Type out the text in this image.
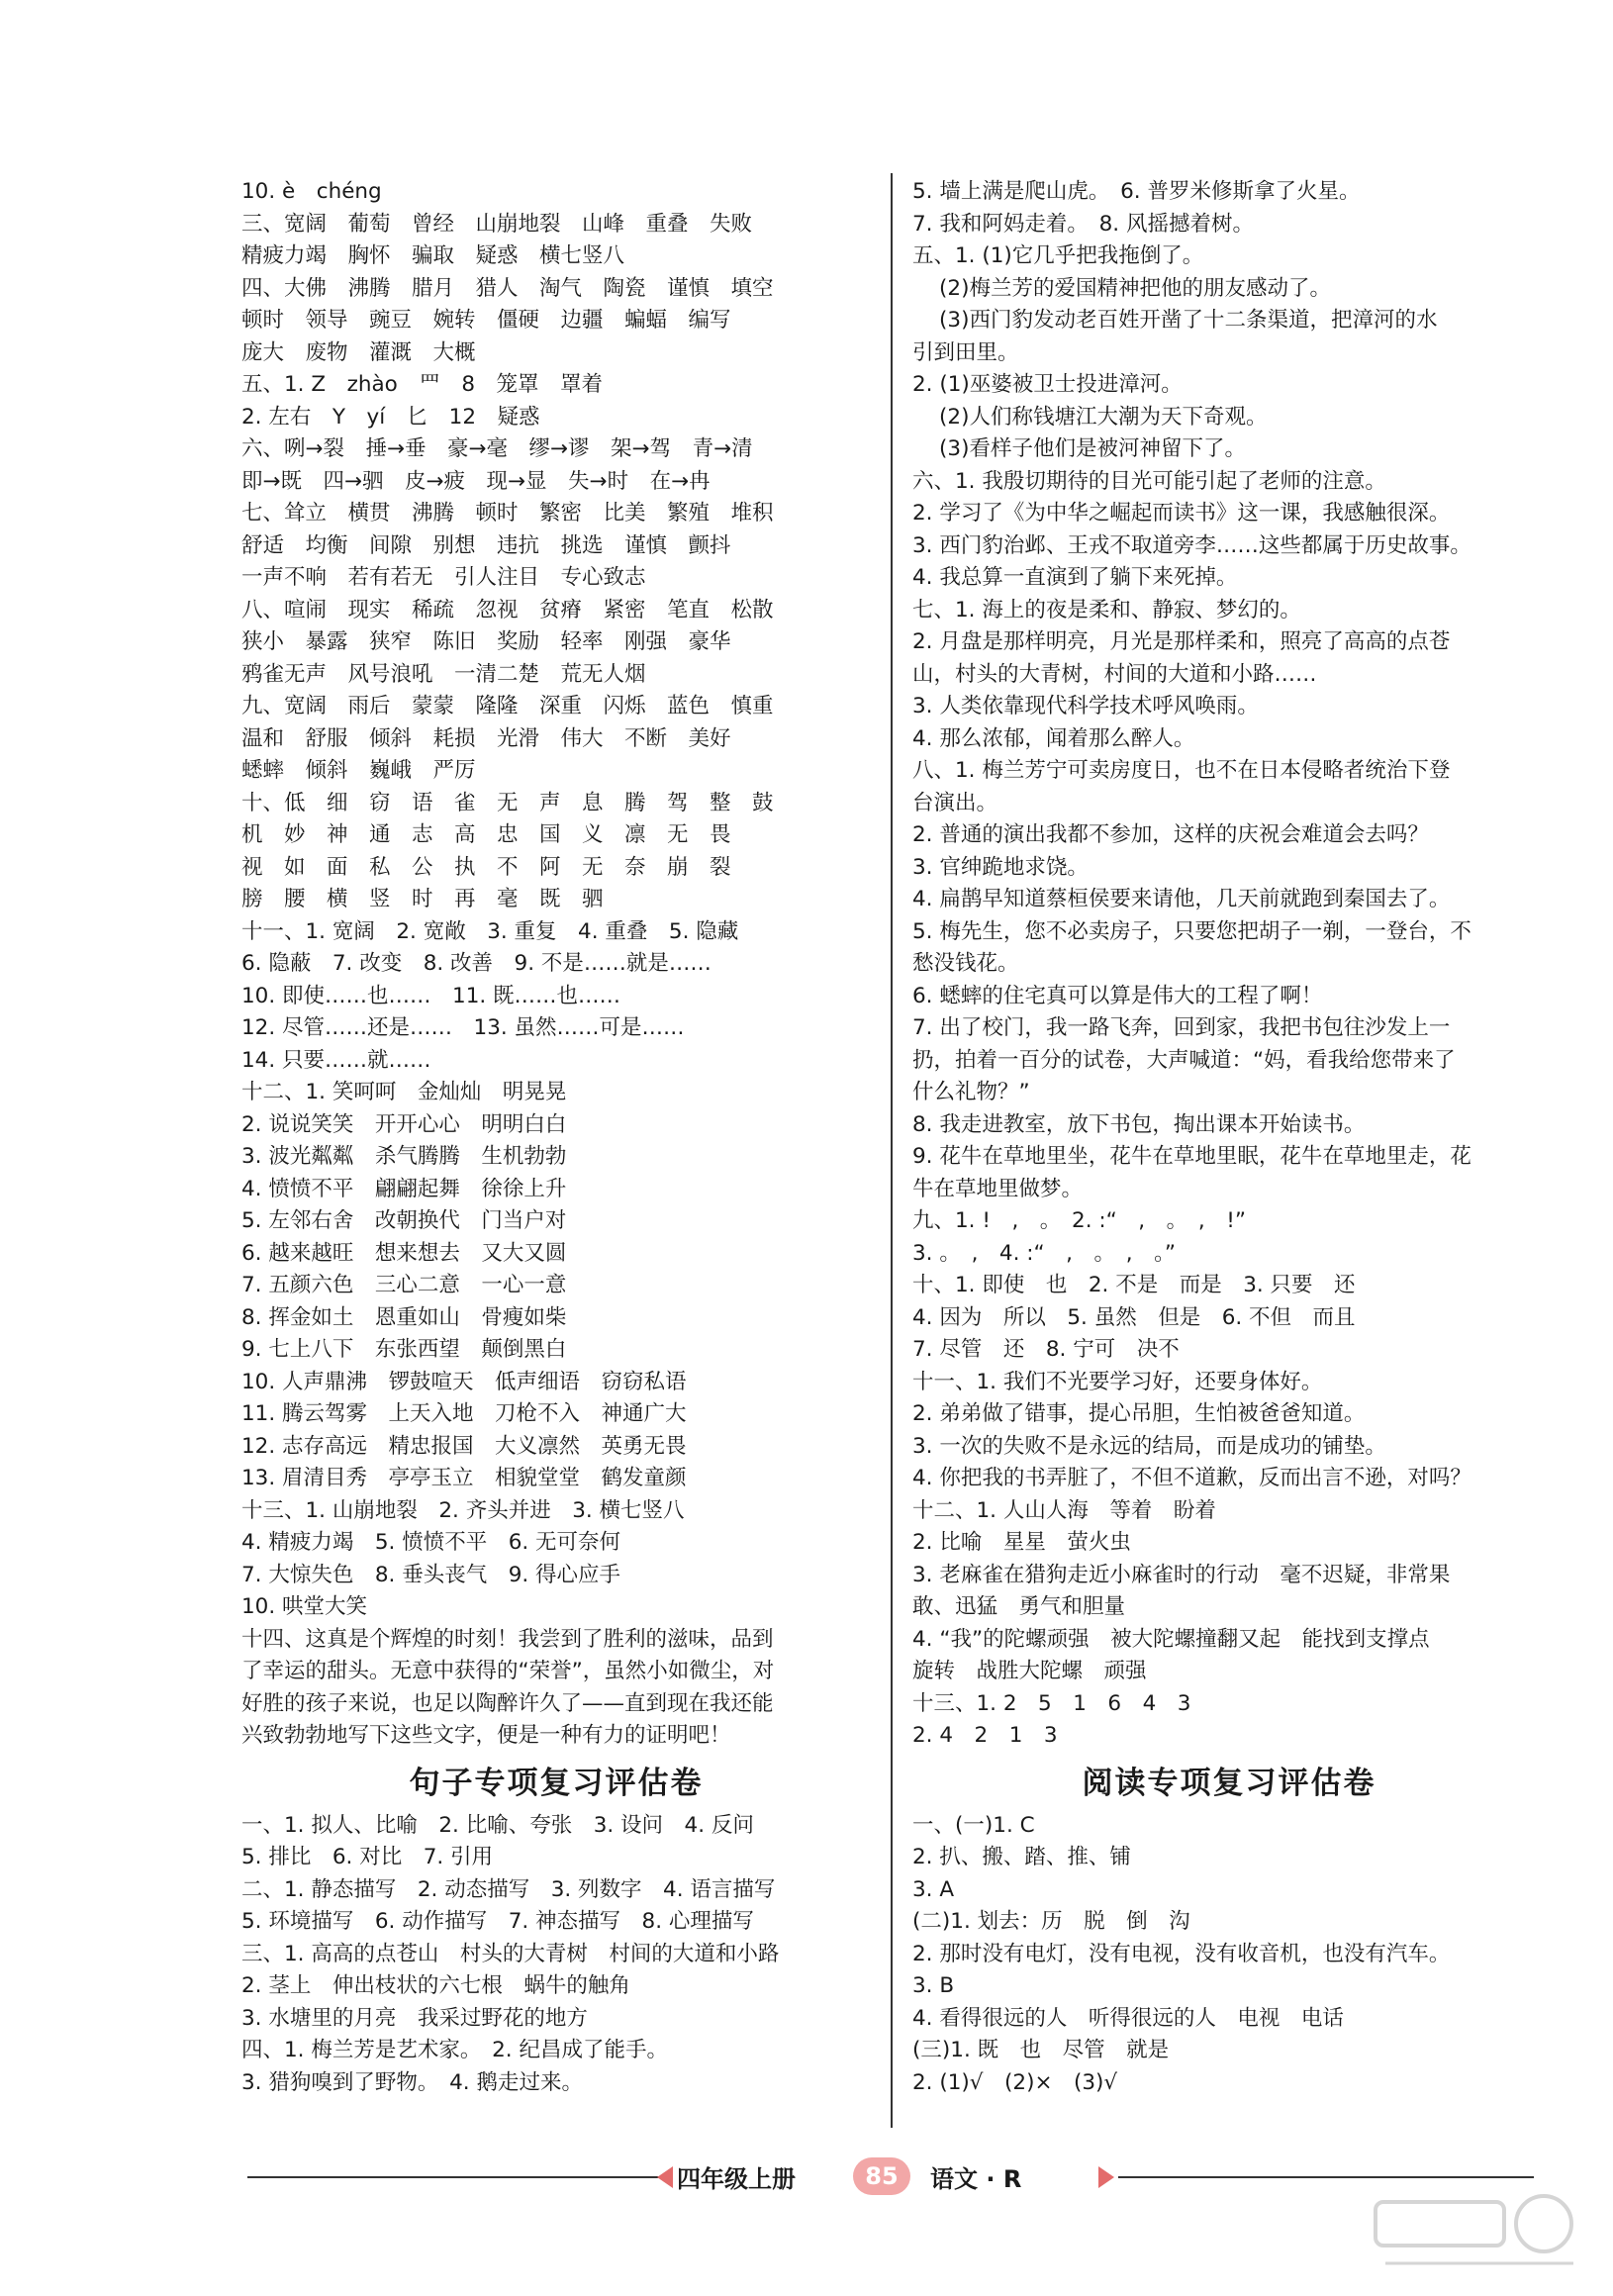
10. è　chéng
三、宽阔　葡萄　曾经　山崩地裂　山峰　重叠　失败
精疲力竭　胸怀　骗取　疑惑　横七竖八
四、大佛　沸腾　腊月　猎人　淘气　陶瓷　谨慎　填空
顿时　领导　豌豆　婉转　僵硬　边疆　蝙蝠　编写
庞大　废物　灌溉　大概
五、1. Z　zhào　罒　8　笼罩　罩着
2. 左右　Y　yí　匕　12　疑惑
六、咧→裂　捶→垂　豪→毫　缪→谬　架→驾　青→清
即→既　四→驷　皮→疲　现→显　失→时　在→冉
七、耸立　横贯　沸腾　顿时　繁密　比美　繁殖　堆积
舒适　均衡　间隙　别想　违抗　挑选　谨慎　颤抖
一声不响　若有若无　引人注目　专心致志
八、喧闹　现实　稀疏　忽视　贫瘠　紧密　笔直　松散
狭小　暴露　狭窄　陈旧　奖励　轻率　刚强　豪华
鸦雀无声　风号浪吼　一清二楚　荒无人烟
九、宽阔　雨后　蒙蒙　隆隆　深重　闪烁　蓝色　慎重
温和　舒服　倾斜　耗损　光滑　伟大　不断　美好
蟋蟀　倾斜　巍峨　严厉
十、低　细　窃　语　雀　无　声　息　腾　驾　整　鼓
机　妙　神　通　志　高　忠　国　义　凛　无　畏
视　如　面　私　公　执　不　阿　无　奈　崩　裂
膀　腰　横　竖　时　再　毫　既　驷
十一、1. 宽阔　2. 宽敞　3. 重复　4. 重叠　5. 隐藏
6. 隐蔽　7. 改变　8. 改善　9. 不是……就是……
10. 即使……也……　11. 既……也……
12. 尽管……还是……　13. 虽然……可是……
14. 只要……就……
十二、1. 笑呵呵　金灿灿　明晃晃
2. 说说笑笑　开开心心　明明白白
3. 波光粼粼　杀气腾腾　生机勃勃
4. 愤愤不平　翩翩起舞　徐徐上升
5. 左邻右舍　改朝换代　门当户对
6. 越来越旺　想来想去　又大又圆
7. 五颜六色　三心二意　一心一意
8. 挥金如土　恩重如山　骨瘦如柴
9. 七上八下　东张西望　颠倒黑白
10. 人声鼎沸　锣鼓喧天　低声细语　窃窃私语
11. 腾云驾雾　上天入地　刀枪不入　神通广大
12. 志存高远　精忠报国　大义凛然　英勇无畏
13. 眉清目秀　亭亭玉立　相貌堂堂　鹤发童颜
十三、1. 山崩地裂　2. 齐头并进　3. 横七竖八
4. 精疲力竭　5. 愤愤不平　6. 无可奈何
7. 大惊失色　8. 垂头丧气　9. 得心应手
10. 哄堂大笑
十四、这真是个辉煌的时刻！我尝到了胜利的滋味，品到
了幸运的甜头。无意中获得的“荣誉”，虽然小如微尘，对
好胜的孩子来说，也足以陶醉许久了——直到现在我还能
兴致勃勃地写下这些文字，便是一种有力的证明吧！
句子专项复习评估卷
一、1. 拟人、比喻　2. 比喻、夸张　3. 设问　4. 反问
5. 排比　6. 对比　7. 引用
二、1. 静态描写　2. 动态描写　3. 列数字　4. 语言描写
5. 环境描写　6. 动作描写　7. 神态描写　8. 心理描写
三、1. 高高的点苍山　村头的大青树　村间的大道和小路
2. 茎上　伸出枝状的六七根　蜗牛的触角
3. 水塘里的月亮　我采过野花的地方
四、1. 梅兰芳是艺术家。　2. 纪昌成了能手。
3. 猎狗嗅到了野物。　4. 鹅走过来。
5. 墙上满是爬山虎。　6. 普罗米修斯拿了火星。
7. 我和阿妈走着。　8. 风摇撼着树。
五、1. (1)它几乎把我拖倒了。
(2)梅兰芳的爱国精神把他的朋友感动了。
(3)西门豹发动老百姓开凿了十二条渠道，把漳河的水
引到田里。
2. (1)巫婆被卫士投进漳河。
(2)人们称钱塘江大潮为天下奇观。
(3)看样子他们是被河神留下了。
六、1. 我殷切期待的目光可能引起了老师的注意。
2. 学习了《为中华之崛起而读书》这一课，我感触很深。
3. 西门豹治邺、王戎不取道旁李……这些都属于历史故事。
4. 我总算一直演到了躺下来死掉。
七、1. 海上的夜是柔和、静寂、梦幻的。
2. 月盘是那样明亮，月光是那样柔和，照亮了高高的点苍
山，村头的大青树，村间的大道和小路……
3. 人类依靠现代科学技术呼风唤雨。
4. 那么浓郁，闻着那么醉人。
八、1. 梅兰芳宁可卖房度日，也不在日本侵略者统治下登
台演出。
2. 普通的演出我都不参加，这样的庆祝会难道会去吗？
3. 官绅跪地求饶。
4. 扁鹊早知道蔡桓侯要来请他，几天前就跑到秦国去了。
5. 梅先生，您不必卖房子，只要您把胡子一剃，一登台，不
愁没钱花。
6. 蟋蟀的住宅真可以算是伟大的工程了啊！
7. 出了校门，我一路飞奔，回到家，我把书包往沙发上一
扔，拍着一百分的试卷，大声喊道：“妈，看我给您带来了
什么礼物？”
8. 我走进教室，放下书包，掏出课本开始读书。
9. 花牛在草地里坐，花牛在草地里眠，花牛在草地里走，花
牛在草地里做梦。
九、1. !　,　。　2. :“　,　。　,　!”
3. 。　,　4. :“　,　。　,　。”
十、1. 即使　也　2. 不是　而是　3. 只要　还
4. 因为　所以　5. 虽然　但是　6. 不但　而且
7. 尽管　还　8. 宁可　决不
十一、1. 我们不光要学习好，还要身体好。
2. 弟弟做了错事，提心吊胆，生怕被爸爸知道。
3. 一次的失败不是永远的结局，而是成功的铺垫。
4. 你把我的书弄脏了，不但不道歉，反而出言不逊，对吗？
十二、1. 人山人海　等着　盼着
2. 比喻　星星　萤火虫
3. 老麻雀在猎狗走近小麻雀时的行动　毫不迟疑，非常果
敢、迅猛　勇气和胆量
4. “我”的陀螺顽强　被大陀螺撞翻又起　能找到支撑点
旋转　战胜大陀螺　顽强
十三、1. 2　5　1　6　4　3
2. 4　2　1　3
阅读专项复习评估卷
一、(一)1. C
2. 扒、搬、踏、推、铺
3. A
(二)1. 划去：历　脱　倒　沟
2. 那时没有电灯，没有电视，没有收音机，也没有汽车。
3. B
4. 看得很远的人　听得很远的人　电视　电话
(三)1. 既　也　尽管　就是
2. (1)√　(2)×　(3)√
四年级上册	85	语文 · R
